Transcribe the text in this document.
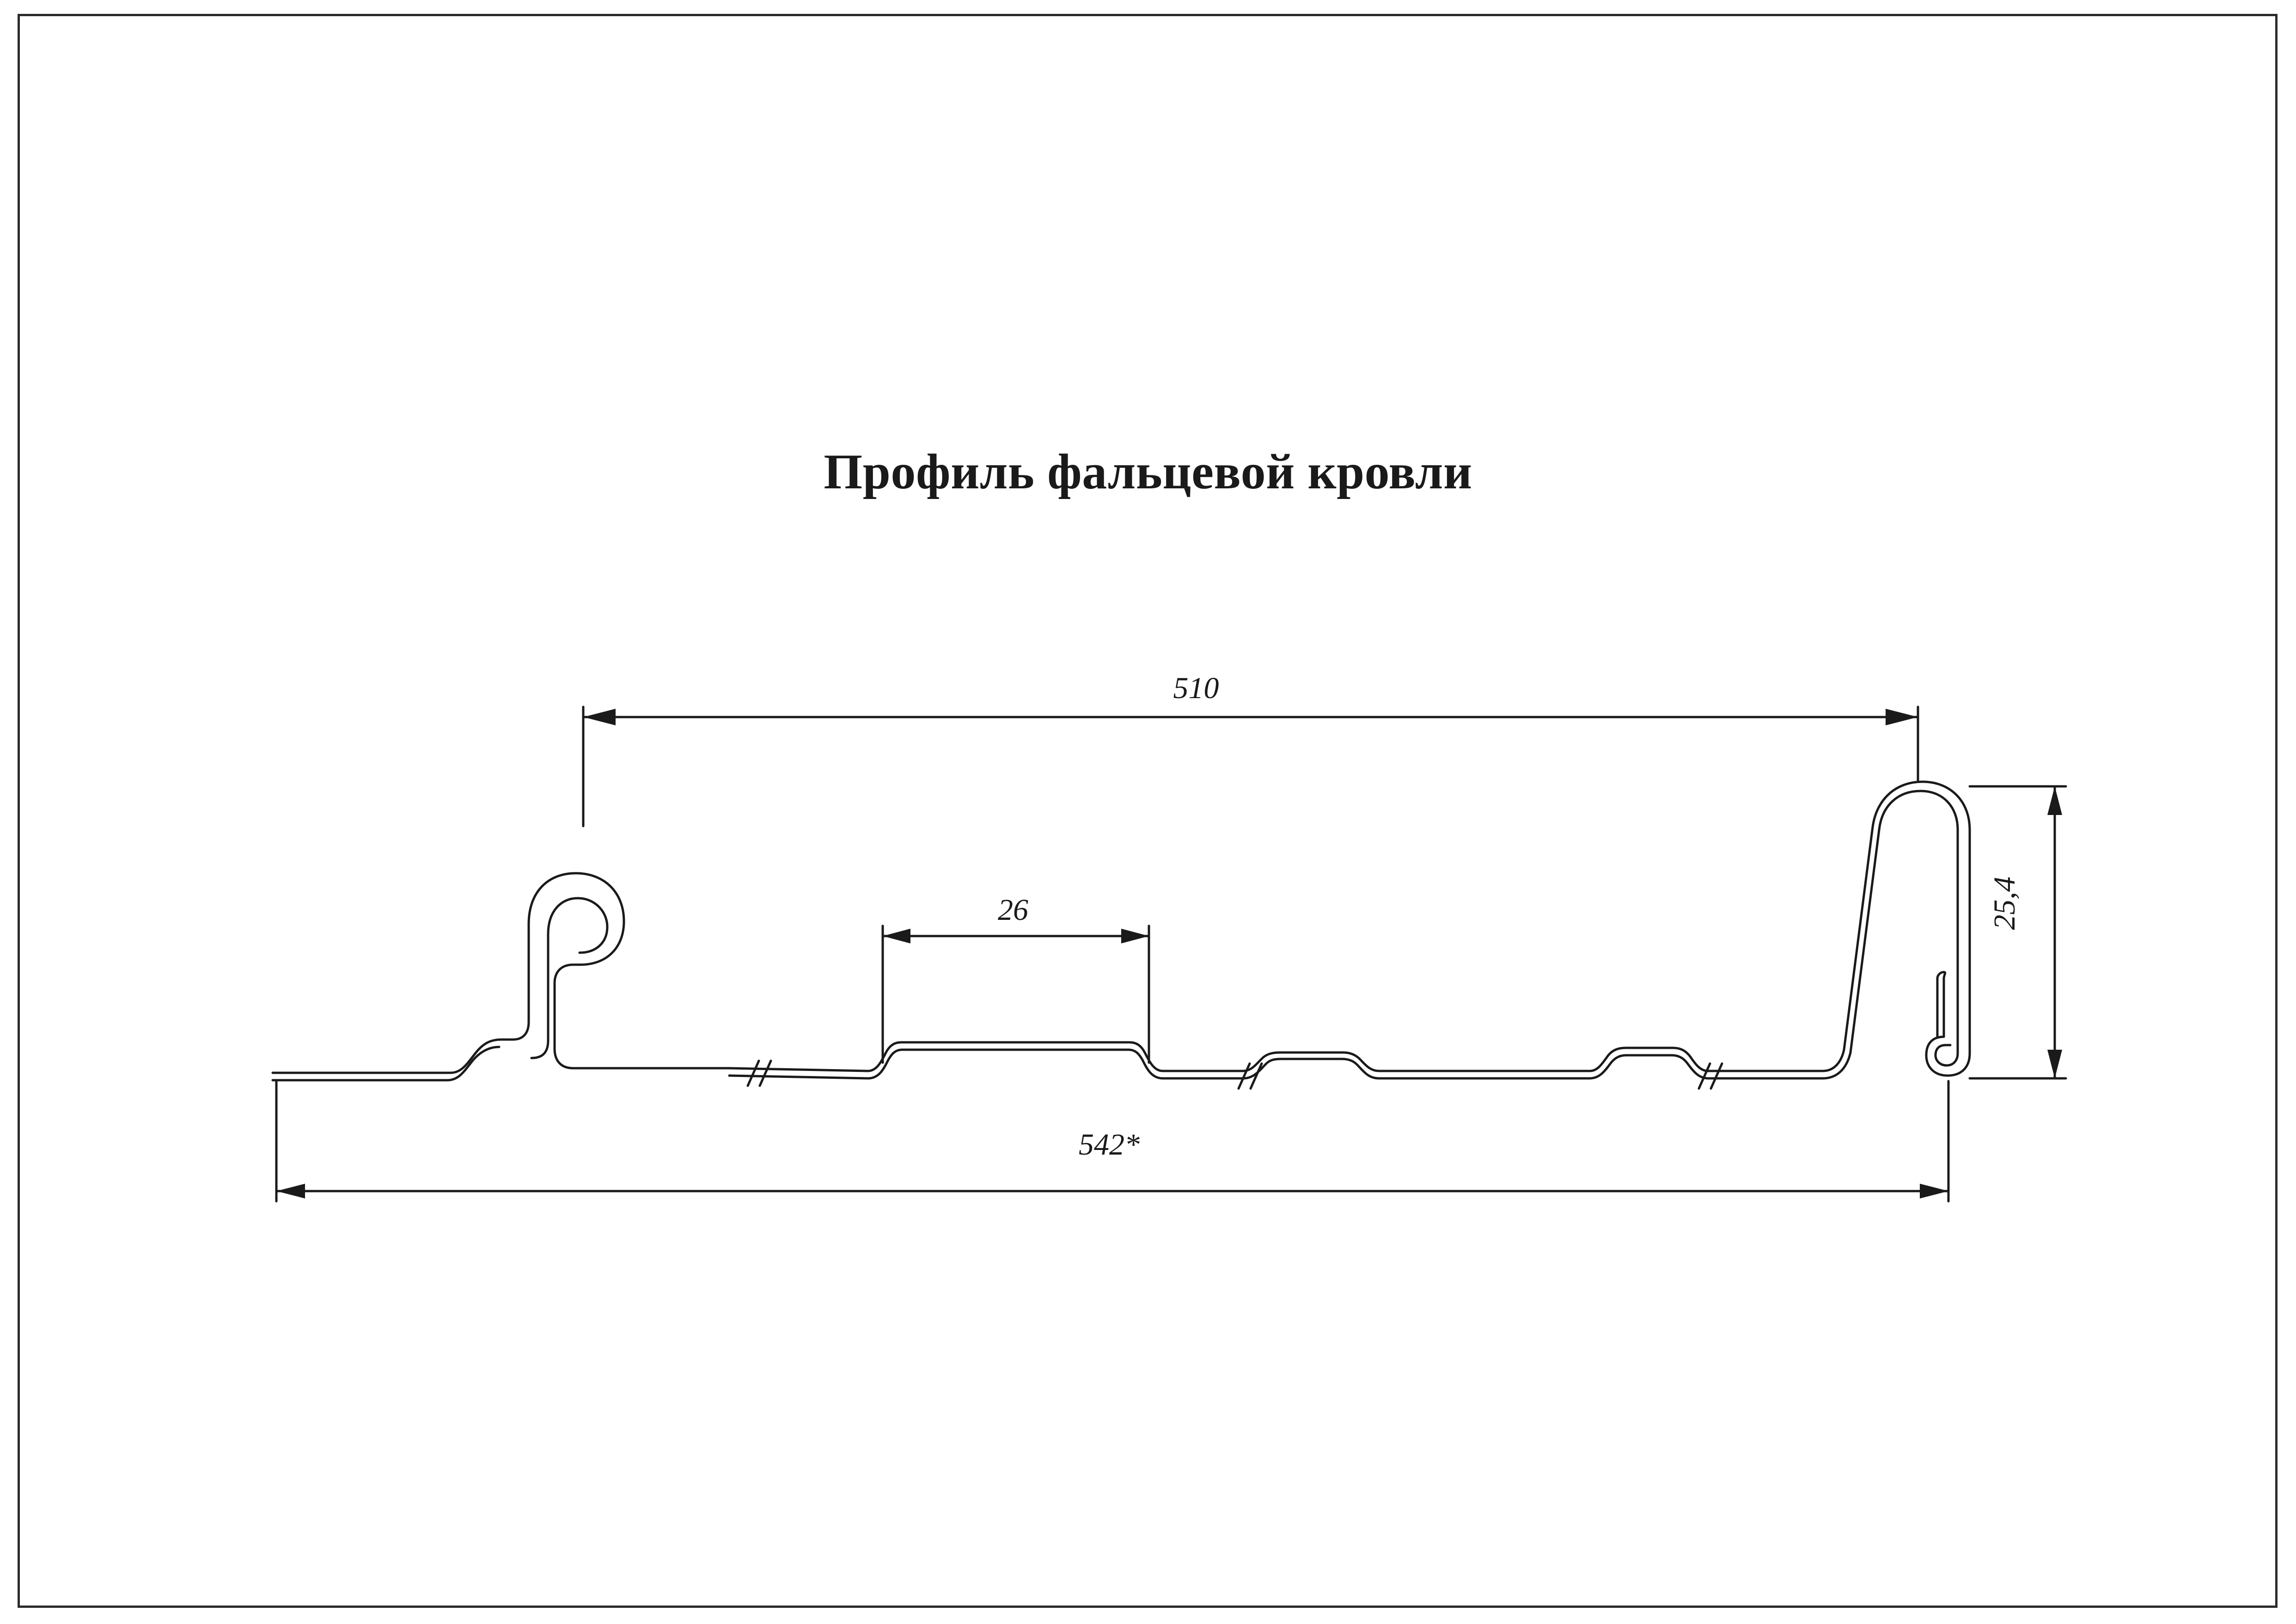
Профиль фальцевой кровли
510
26
542*
25,4
